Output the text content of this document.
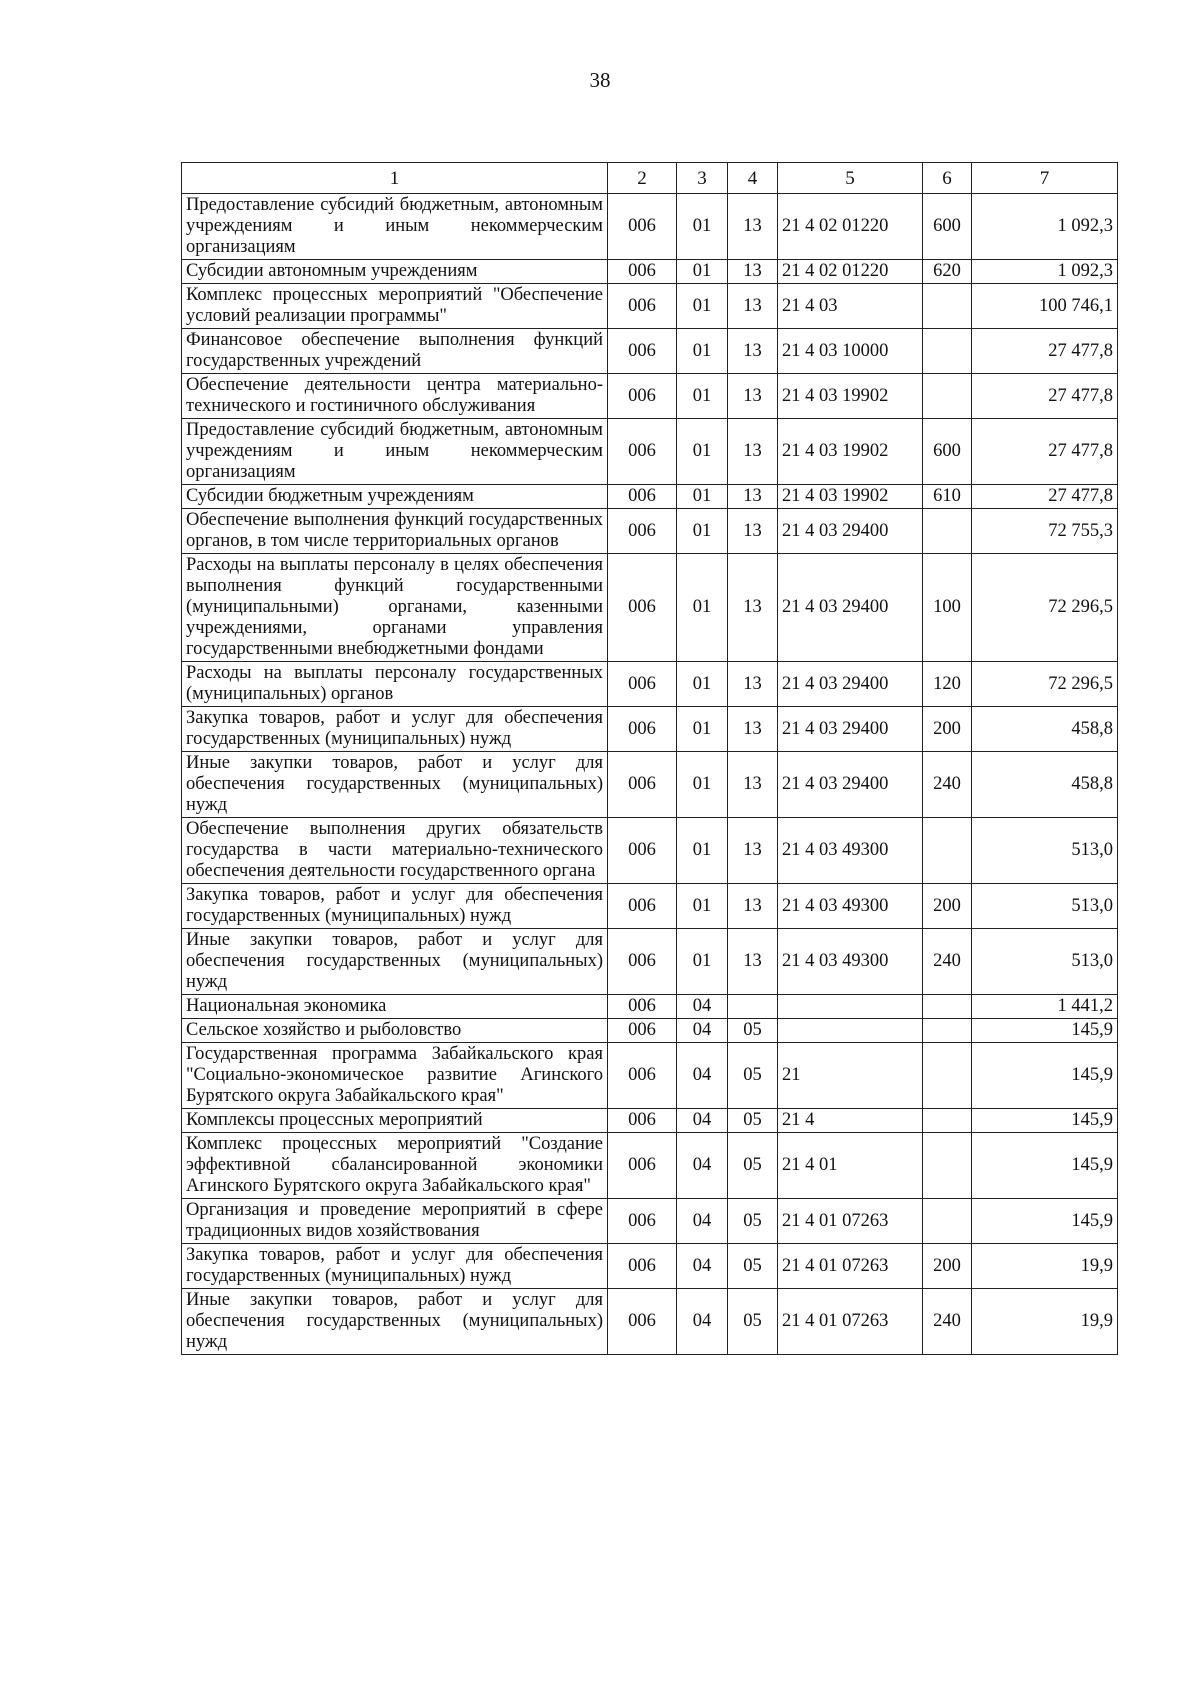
38
1	2	3	4	5	6	7
Предоставление субсидий бюджетным, автономным учреждениям и иным некоммерческим организациям	006	01	13	21 4 02 01220	600	1 092,3
Субсидии автономным учреждениям	006	01	13	21 4 02 01220	620	1 092,3
Комплекс процессных мероприятий "Обеспечение условий реализации программы"	006	01	13	21 4 03		100 746,1
Финансовое обеспечение выполнения функций государственных учреждений	006	01	13	21 4 03 10000		27 477,8
Обеспечение деятельности центра материально-технического и гостиничного обслуживания	006	01	13	21 4 03 19902		27 477,8
Предоставление субсидий бюджетным, автономным учреждениям и иным некоммерческим организациям	006	01	13	21 4 03 19902	600	27 477,8
Субсидии бюджетным учреждениям	006	01	13	21 4 03 19902	610	27 477,8
Обеспечение выполнения функций государственных органов, в том числе территориальных органов	006	01	13	21 4 03 29400		72 755,3
Расходы на выплаты персоналу в целях обеспечения выполнения функций государственными (муниципальными) органами, казенными учреждениями, органами управления государственными внебюджетными фондами	006	01	13	21 4 03 29400	100	72 296,5
Расходы на выплаты персоналу государственных (муниципальных) органов	006	01	13	21 4 03 29400	120	72 296,5
Закупка товаров, работ и услуг для обеспечения государственных (муниципальных) нужд	006	01	13	21 4 03 29400	200	458,8
Иные закупки товаров, работ и услуг для обеспечения государственных (муниципальных) нужд	006	01	13	21 4 03 29400	240	458,8
Обеспечение выполнения других обязательств государства в части материально-технического обеспечения деятельности государственного органа	006	01	13	21 4 03 49300		513,0
Закупка товаров, работ и услуг для обеспечения государственных (муниципальных) нужд	006	01	13	21 4 03 49300	200	513,0
Иные закупки товаров, работ и услуг для обеспечения государственных (муниципальных) нужд	006	01	13	21 4 03 49300	240	513,0
Национальная экономика	006	04				1 441,2
Сельское хозяйство и рыболовство	006	04	05			145,9
Государственная программа Забайкальского края "Социально-экономическое развитие Агинского Бурятского округа Забайкальского края"	006	04	05	21		145,9
Комплексы процессных мероприятий	006	04	05	21 4		145,9
Комплекс процессных мероприятий "Создание эффективной сбалансированной экономики Агинского Бурятского округа Забайкальского края"	006	04	05	21 4 01		145,9
Организация и проведение мероприятий в сфере традиционных видов хозяйствования	006	04	05	21 4 01 07263		145,9
Закупка товаров, работ и услуг для обеспечения государственных (муниципальных) нужд	006	04	05	21 4 01 07263	200	19,9
Иные закупки товаров, работ и услуг для обеспечения государственных (муниципальных) нужд	006	04	05	21 4 01 07263	240	19,9
